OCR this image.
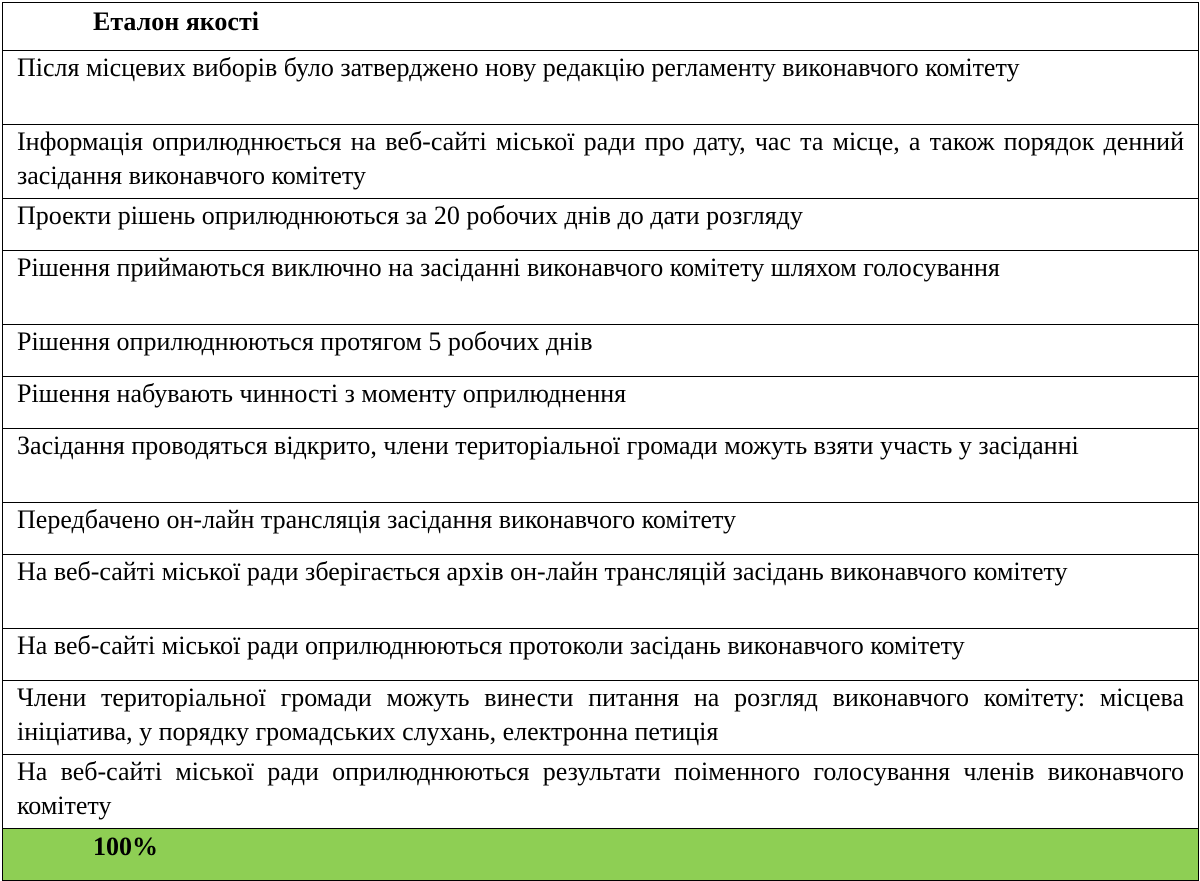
Еталон якості
Після місцевих виборів було затверджено нову редакцію регламенту виконавчого комітету
Інформація оприлюднюється на веб-сайті міської ради про дату, час та місце, а також порядок денний засідання виконавчого комітету
Проекти рішень оприлюднюються за 20 робочих днів до дати розгляду
Рішення приймаються виключно на засіданні виконавчого комітету шляхом голосування
Рішення оприлюднюються протягом 5 робочих днів
Рішення набувають чинності з моменту оприлюднення
Засідання проводяться відкрито, члени територіальної громади можуть взяти участь у засіданні
Передбачено он-лайн трансляція засідання виконавчого комітету
На веб-сайті міської ради зберігається архів он-лайн трансляцій засідань виконавчого комітету
На веб-сайті міської ради оприлюднюються протоколи засідань виконавчого комітету
Члени територіальної громади можуть винести питання на розгляд виконавчого комітету: місцева ініціатива, у порядку громадських слухань, електронна петиція
На веб-сайті міської ради оприлюднюються результати поіменного голосування членів виконавчого комітету
100%
